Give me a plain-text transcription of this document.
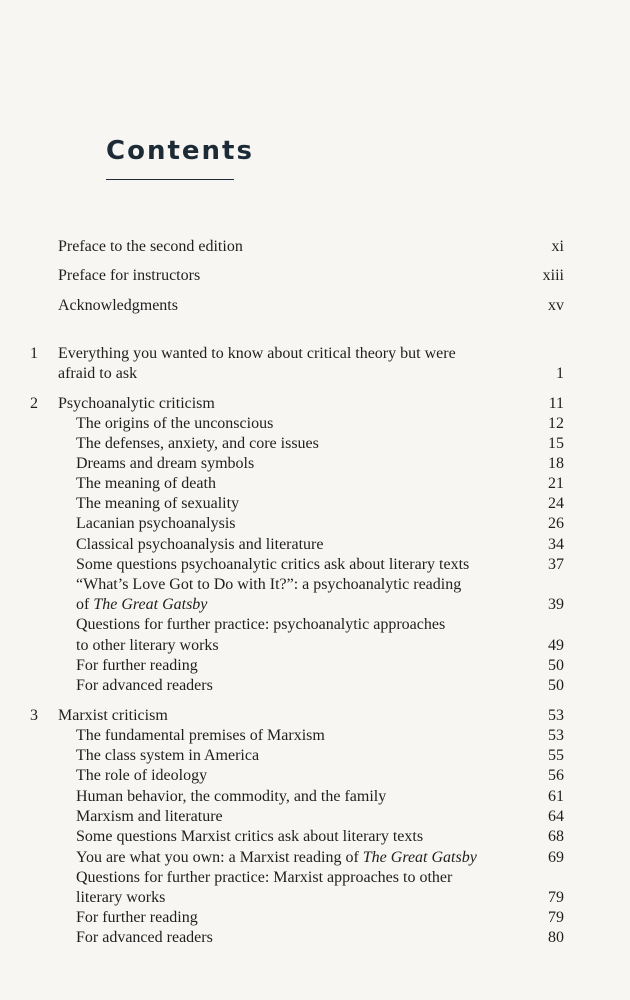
Contents
Preface to the second edition	xi
Preface for instructors	xiii
Acknowledgments	xv
1	Everything you wanted to know about critical theory but were
afraid to ask	1
2	Psychoanalytic criticism	11
The origins of the unconscious	12
The defenses, anxiety, and core issues	15
Dreams and dream symbols	18
The meaning of death	21
The meaning of sexuality	24
Lacanian psychoanalysis	26
Classical psychoanalysis and literature	34
Some questions psychoanalytic critics ask about literary texts	37
“What’s Love Got to Do with It?”: a psychoanalytic reading
of The Great Gatsby	39
Questions for further practice: psychoanalytic approaches
to other literary works	49
For further reading	50
For advanced readers	50
3	Marxist criticism	53
The fundamental premises of Marxism	53
The class system in America	55
The role of ideology	56
Human behavior, the commodity, and the family	61
Marxism and literature	64
Some questions Marxist critics ask about literary texts	68
You are what you own: a Marxist reading of The Great Gatsby	69
Questions for further practice: Marxist approaches to other
literary works	79
For further reading	79
For advanced readers	80
